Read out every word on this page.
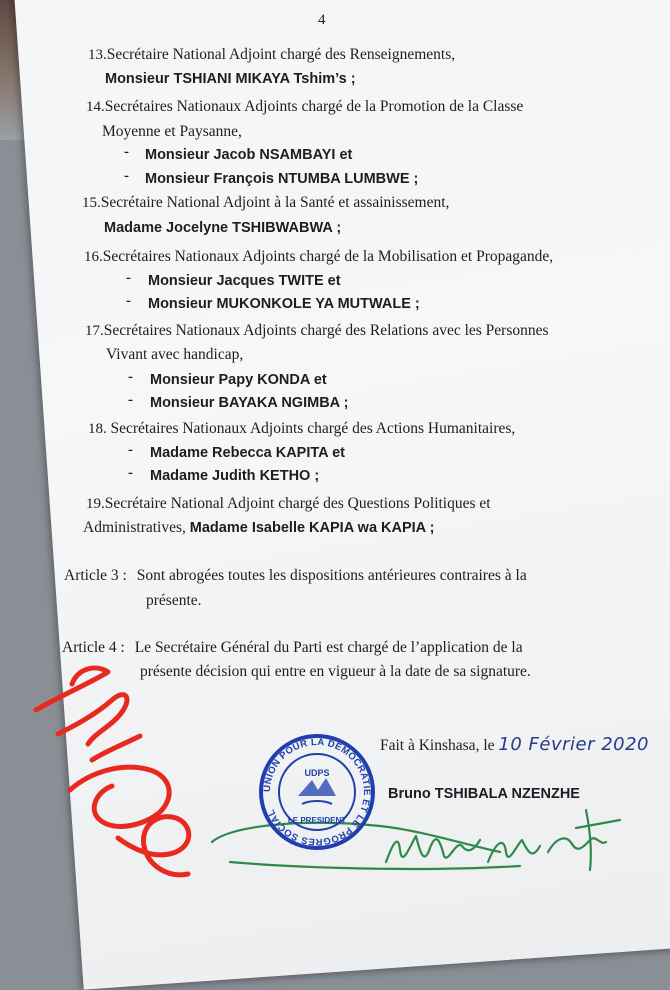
4
13.Secrétaire National Adjoint chargé des Renseignements,
Monsieur TSHIANI MIKAYA Tshim’s ;
14.Secrétaires Nationaux Adjoints chargé de la Promotion de la Classe
Moyenne et Paysanne,
- Monsieur Jacob NSAMBAYI et
- Monsieur François NTUMBA LUMBWE ;
15.Secrétaire National Adjoint à la Santé et assainissement,
Madame Jocelyne TSHIBWABWA ;
16.Secrétaires Nationaux Adjoints chargé de la Mobilisation et Propagande,
- Monsieur Jacques TWITE et
- Monsieur MUKONKOLE YA MUTWALE ;
17.Secrétaires Nationaux Adjoints chargé des Relations avec les Personnes
Vivant avec handicap,
- Monsieur Papy KONDA et
- Monsieur BAYAKA NGIMBA ;
18. Secrétaires Nationaux Adjoints chargé des Actions Humanitaires,
- Madame Rebecca KAPITA et
- Madame Judith KETHO ;
19.Secrétaire National Adjoint chargé des Questions Politiques et
Administratives, Madame Isabelle KAPIA wa KAPIA ;
Article 3 : Sont abrogées toutes les dispositions antérieures contraires à la
présente.
Article 4 : Le Secrétaire Général du Parti est chargé de l’application de la
présente décision qui entre en vigueur à la date de sa signature.
Fait à Kinshasa, le 10 Février 2020
Bruno TSHIBALA NZENZHE
UNION POUR LA DEMOCRATIE ET LE PROGRES SOCIAL
UDPS
LE PRESIDENT
